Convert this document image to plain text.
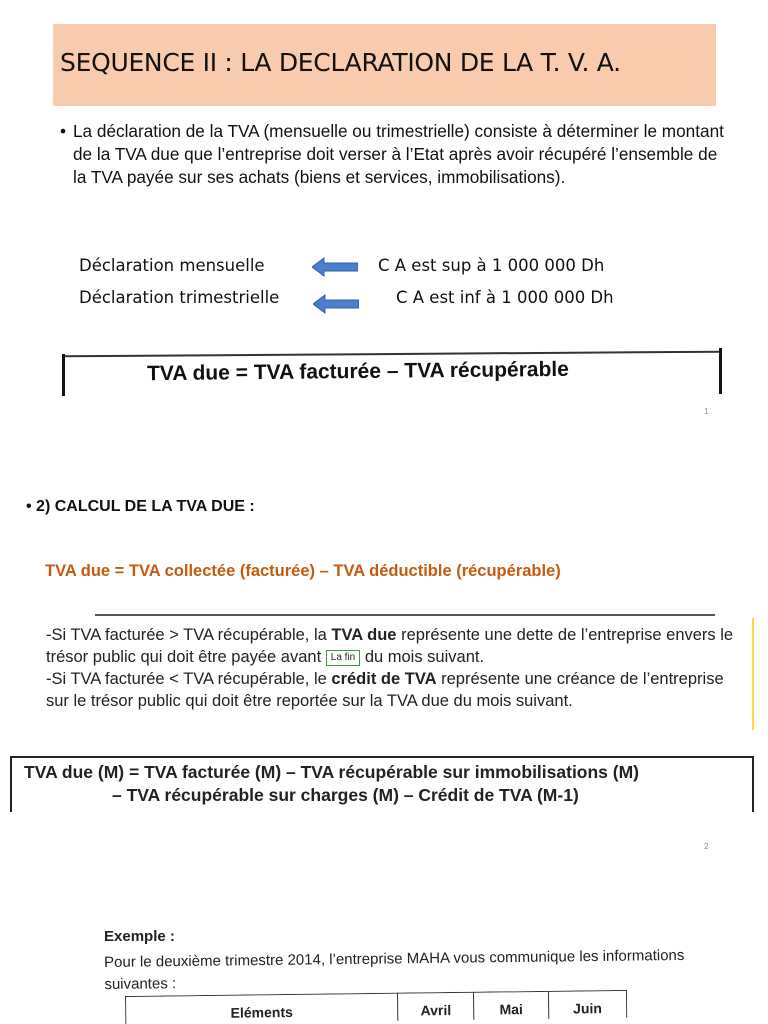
SEQUENCE II : LA DECLARATION DE LA T. V. A.
• La déclaration de la TVA (mensuelle ou trimestrielle) consiste à déterminer le montant de la TVA due que l’entreprise doit verser à l’Etat après avoir récupéré l’ensemble de la TVA payée sur ses achats (biens et services, immobilisations).
Déclaration mensuelle	C A est sup à 1 000 000 Dh
Déclaration trimestrielle	C A est inf à 1 000 000 Dh
TVA due = TVA facturée – TVA récupérable
1
• 2) CALCUL DE LA TVA DUE :
TVA due = TVA collectée (facturée) – TVA déductible (récupérable)

-Si TVA facturée > TVA récupérable, la TVA due représente une dette de l’entreprise envers le trésor public qui doit être payée avant La fin du mois suivant.

-Si TVA facturée < TVA récupérable, le crédit de TVA représente une créance de l’entreprise sur le trésor public qui doit être reportée sur la TVA due du mois suivant.

TVA due (M) = TVA facturée (M) – TVA récupérable sur immobilisations (M)
– TVA récupérable sur charges (M) – Crédit de TVA (M-1)
2
Exemple :
Pour le deuxième trimestre 2014, l’entreprise MAHA vous communique les informations suivantes :
Eléments	Avril	Mai	Juin
